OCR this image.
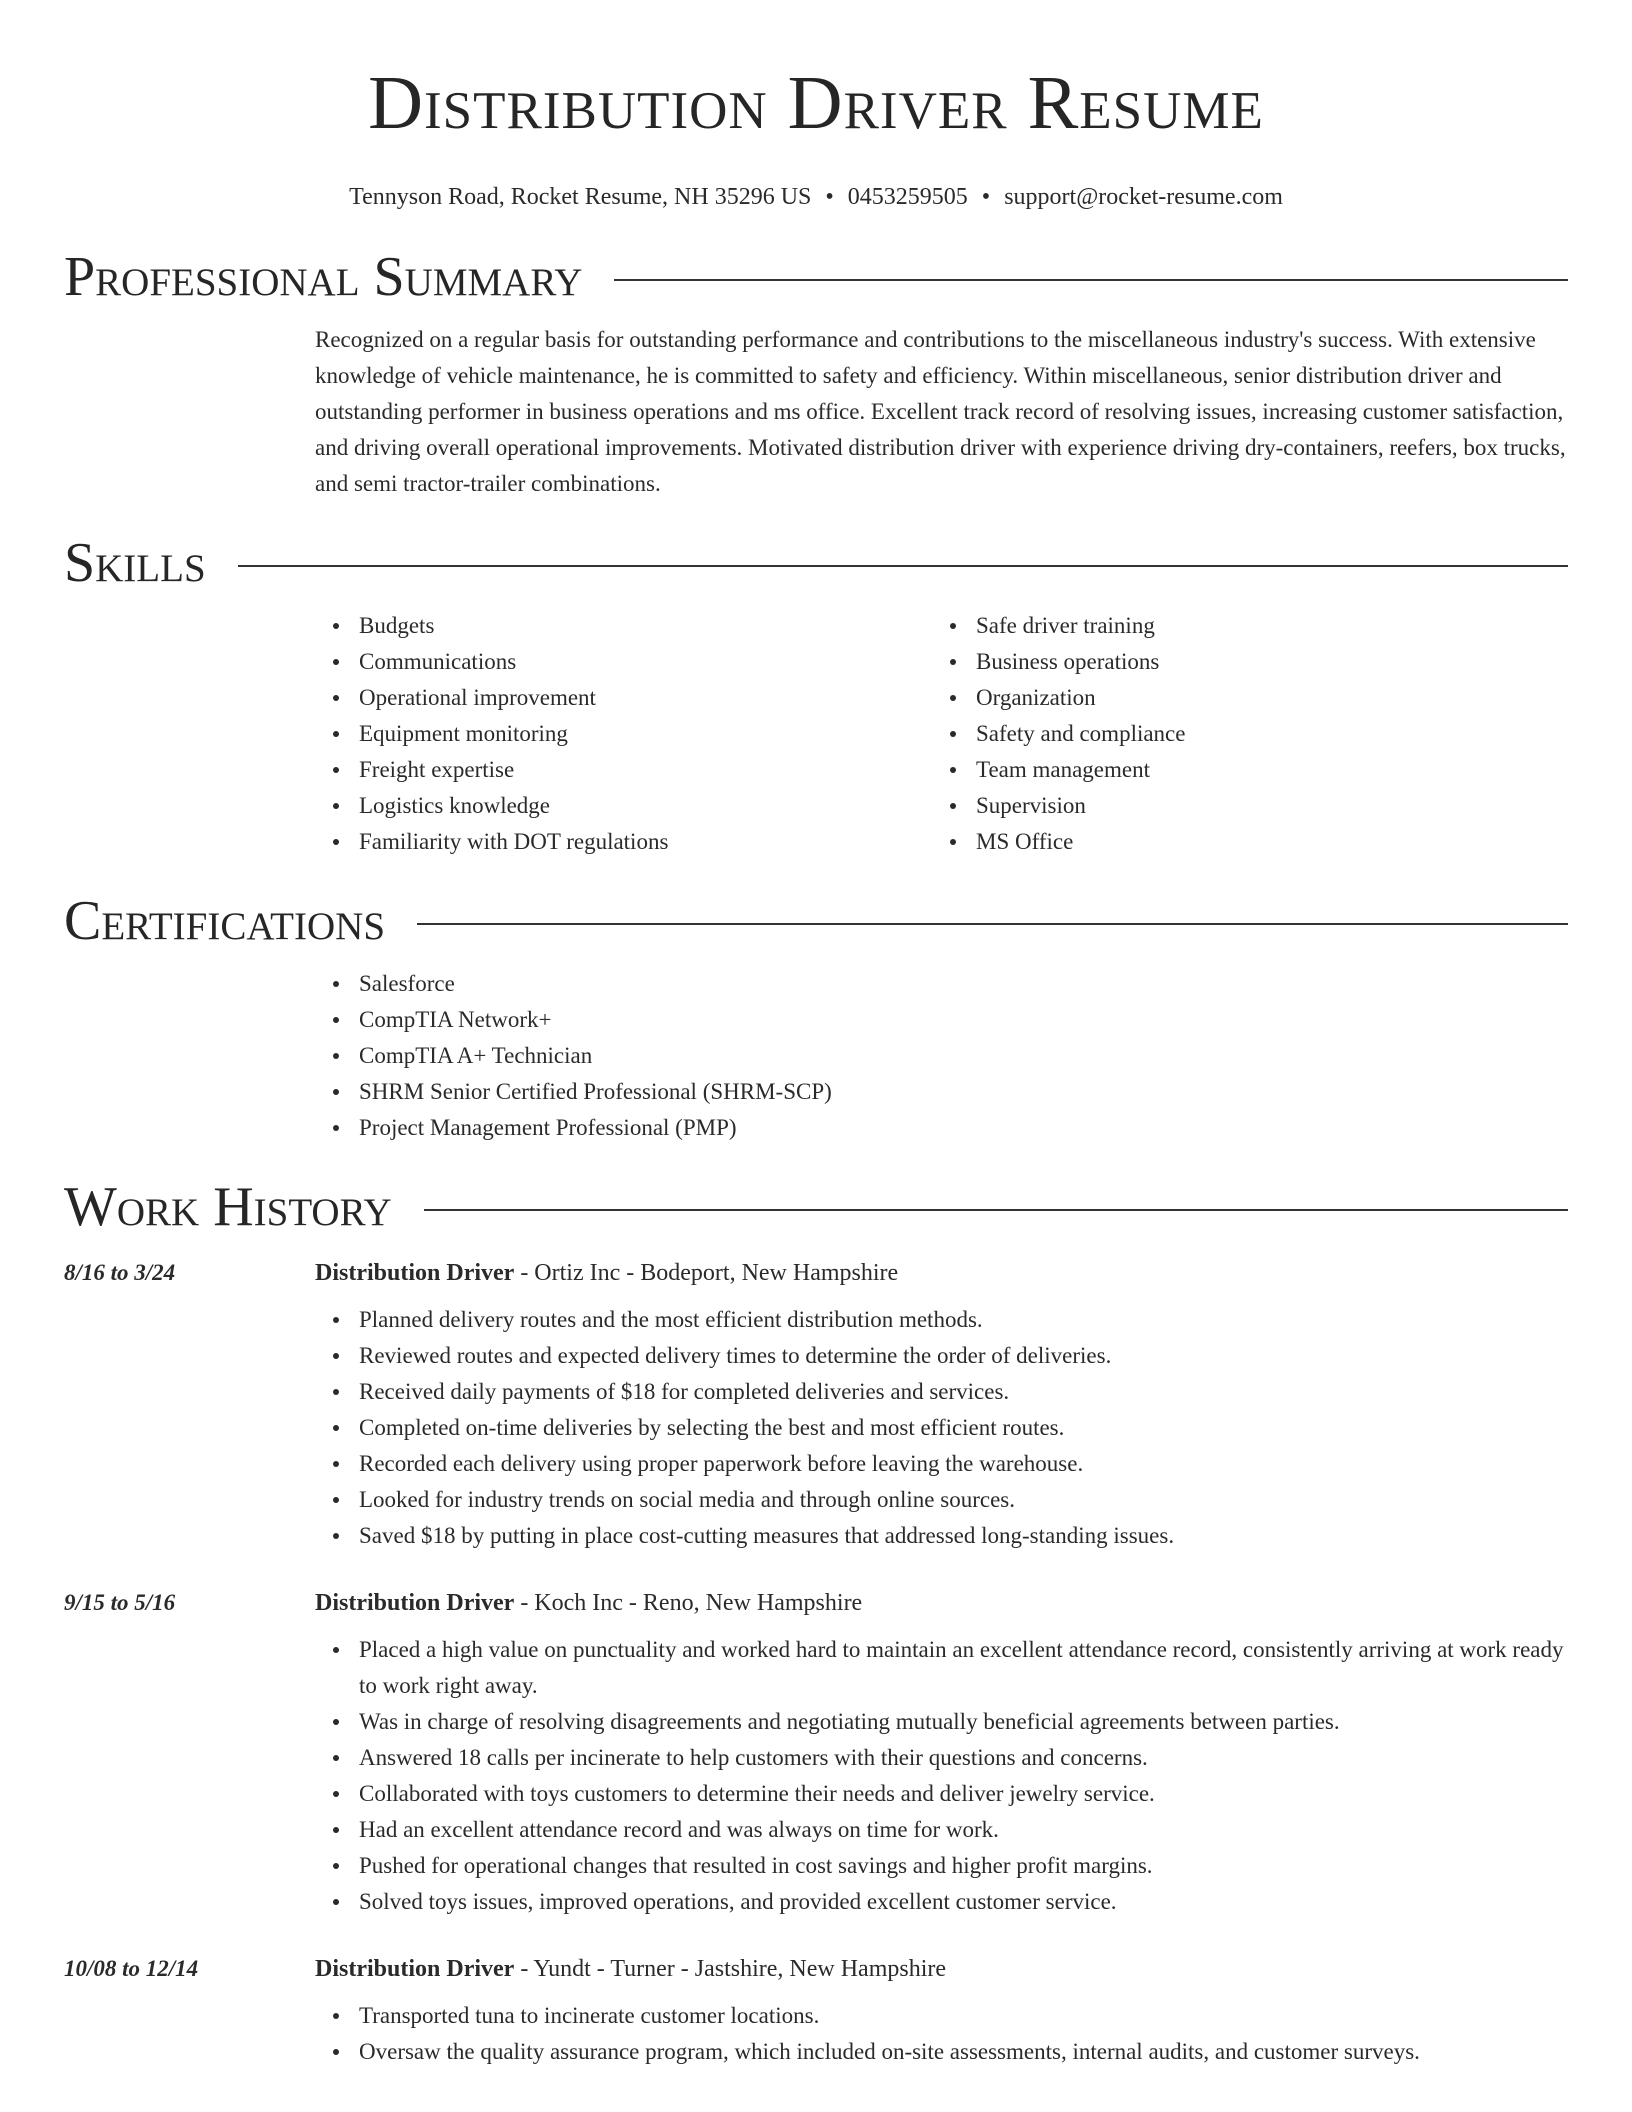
Distribution Driver Resume
Tennyson Road, Rocket Resume, NH 35296 US • 0453259505 • support@rocket-resume.com
Professional Summary

Recognized on a regular basis for outstanding performance and contributions to the miscellaneous industry's success. With extensive knowledge of vehicle maintenance, he is committed to safety and efficiency. Within miscellaneous, senior distribution driver and outstanding performer in business operations and ms office. Excellent track record of resolving issues, increasing customer satisfaction, and driving overall operational improvements. Motivated distribution driver with experience driving dry-containers, reefers, box trucks, and semi tractor-trailer combinations.

Skills
Budgets
Communications
Operational improvement
Equipment monitoring
Freight expertise
Logistics knowledge
Familiarity with DOT regulations
Safe driver training
Business operations
Organization
Safety and compliance
Team management
Supervision
MS Office
Certifications
Salesforce
CompTIA Network+
CompTIA A+ Technician
SHRM Senior Certified Professional (SHRM-SCP)
Project Management Professional (PMP)
Work History
8/16 to 3/24	Distribution Driver - Ortiz Inc - Bodeport, New Hampshire
Planned delivery routes and the most efficient distribution methods.
Reviewed routes and expected delivery times to determine the order of deliveries.
Received daily payments of $18 for completed deliveries and services.
Completed on-time deliveries by selecting the best and most efficient routes.
Recorded each delivery using proper paperwork before leaving the warehouse.
Looked for industry trends on social media and through online sources.
Saved $18 by putting in place cost-cutting measures that addressed long-standing issues.
9/15 to 5/16	Distribution Driver - Koch Inc - Reno, New Hampshire
Placed a high value on punctuality and worked hard to maintain an excellent attendance record, consistently arriving at work ready to work right away.
Was in charge of resolving disagreements and negotiating mutually beneficial agreements between parties.
Answered 18 calls per incinerate to help customers with their questions and concerns.
Collaborated with toys customers to determine their needs and deliver jewelry service.
Had an excellent attendance record and was always on time for work.
Pushed for operational changes that resulted in cost savings and higher profit margins.
Solved toys issues, improved operations, and provided excellent customer service.
10/08 to 12/14	Distribution Driver - Yundt - Turner - Jastshire, New Hampshire
Transported tuna to incinerate customer locations.
Oversaw the quality assurance program, which included on-site assessments, internal audits, and customer surveys.
